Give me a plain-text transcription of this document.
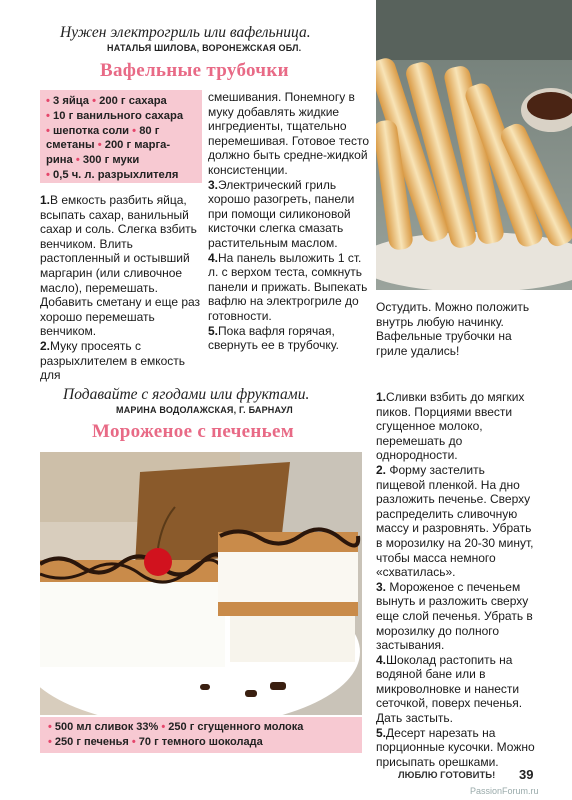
Нужен электрогриль или вафельница.
НАТАЛЬЯ ШИЛОВА, ВОРОНЕЖСКАЯ ОБЛ.
Вафельные трубочки
• 3 яйца • 200 г сахара
• 10 г ванильного сахара
• шепотка соли • 80 г
сметаны • 200 г марга-
рина • 300 г муки
• 0,5 ч. л. разрыхлителя

1.В емкость разбить яйца, всыпать сахар, ванильный сахар и соль. Слегка взбить венчиком. Влить растопленный и остывший маргарин (или сливочное масло), перемешать. Добавить сметану и еще раз хорошо перемешать венчиком.

2.Муку просеять с разрыхлителем в емкость для

смешивания. Понемногу в муку добавлять жидкие ингредиенты, тщательно перемешивая. Готовое тесто должно быть средне-жидкой консистенции.

3.Электрический гриль хорошо разогреть, панели при помощи силиконовой кисточки слегка смазать растительным маслом.

4.На панель выложить 1 ст. л. с верхом теста, сомкнуть панели и прижать. Выпекать вафлю на электрогриле до готовности.

5.Пока вафля горячая, свернуть ее в трубочку.

Остудить. Можно положить внутрь любую начинку. Вафельные трубочки на гриле удались!

Подавайте с ягодами или фруктами.
МАРИНА ВОДОЛАЖСКАЯ, Г. БАРНАУЛ
Мороженое с печеньем
• 500 мл сливок 33% • 250 г сгущенного молока
• 250 г печенья • 70 г темного шоколада

1.Сливки взбить до мягких пиков. Порциями ввести сгущенное молоко, перемешать до однородности.

2. Форму застелить пищевой пленкой. На дно разложить печенье. Сверху распределить сливочную массу и разровнять. Убрать в морозилку на 20-30 минут, чтобы масса немного «схватилась».

3. Мороженое с печеньем вынуть и разложить сверху еще слой печенья. Убрать в морозилку до полного застывания.

4.Шоколад растопить на водяной бане или в микроволновке и нанести сеточкой, поверх печенья. Дать застыть.

5.Десерт нарезать на порционные кусочки. Можно присыпать орешками.

ЛЮБЛЮ ГОТОВИТЬ! 39
PassionForum.ru
